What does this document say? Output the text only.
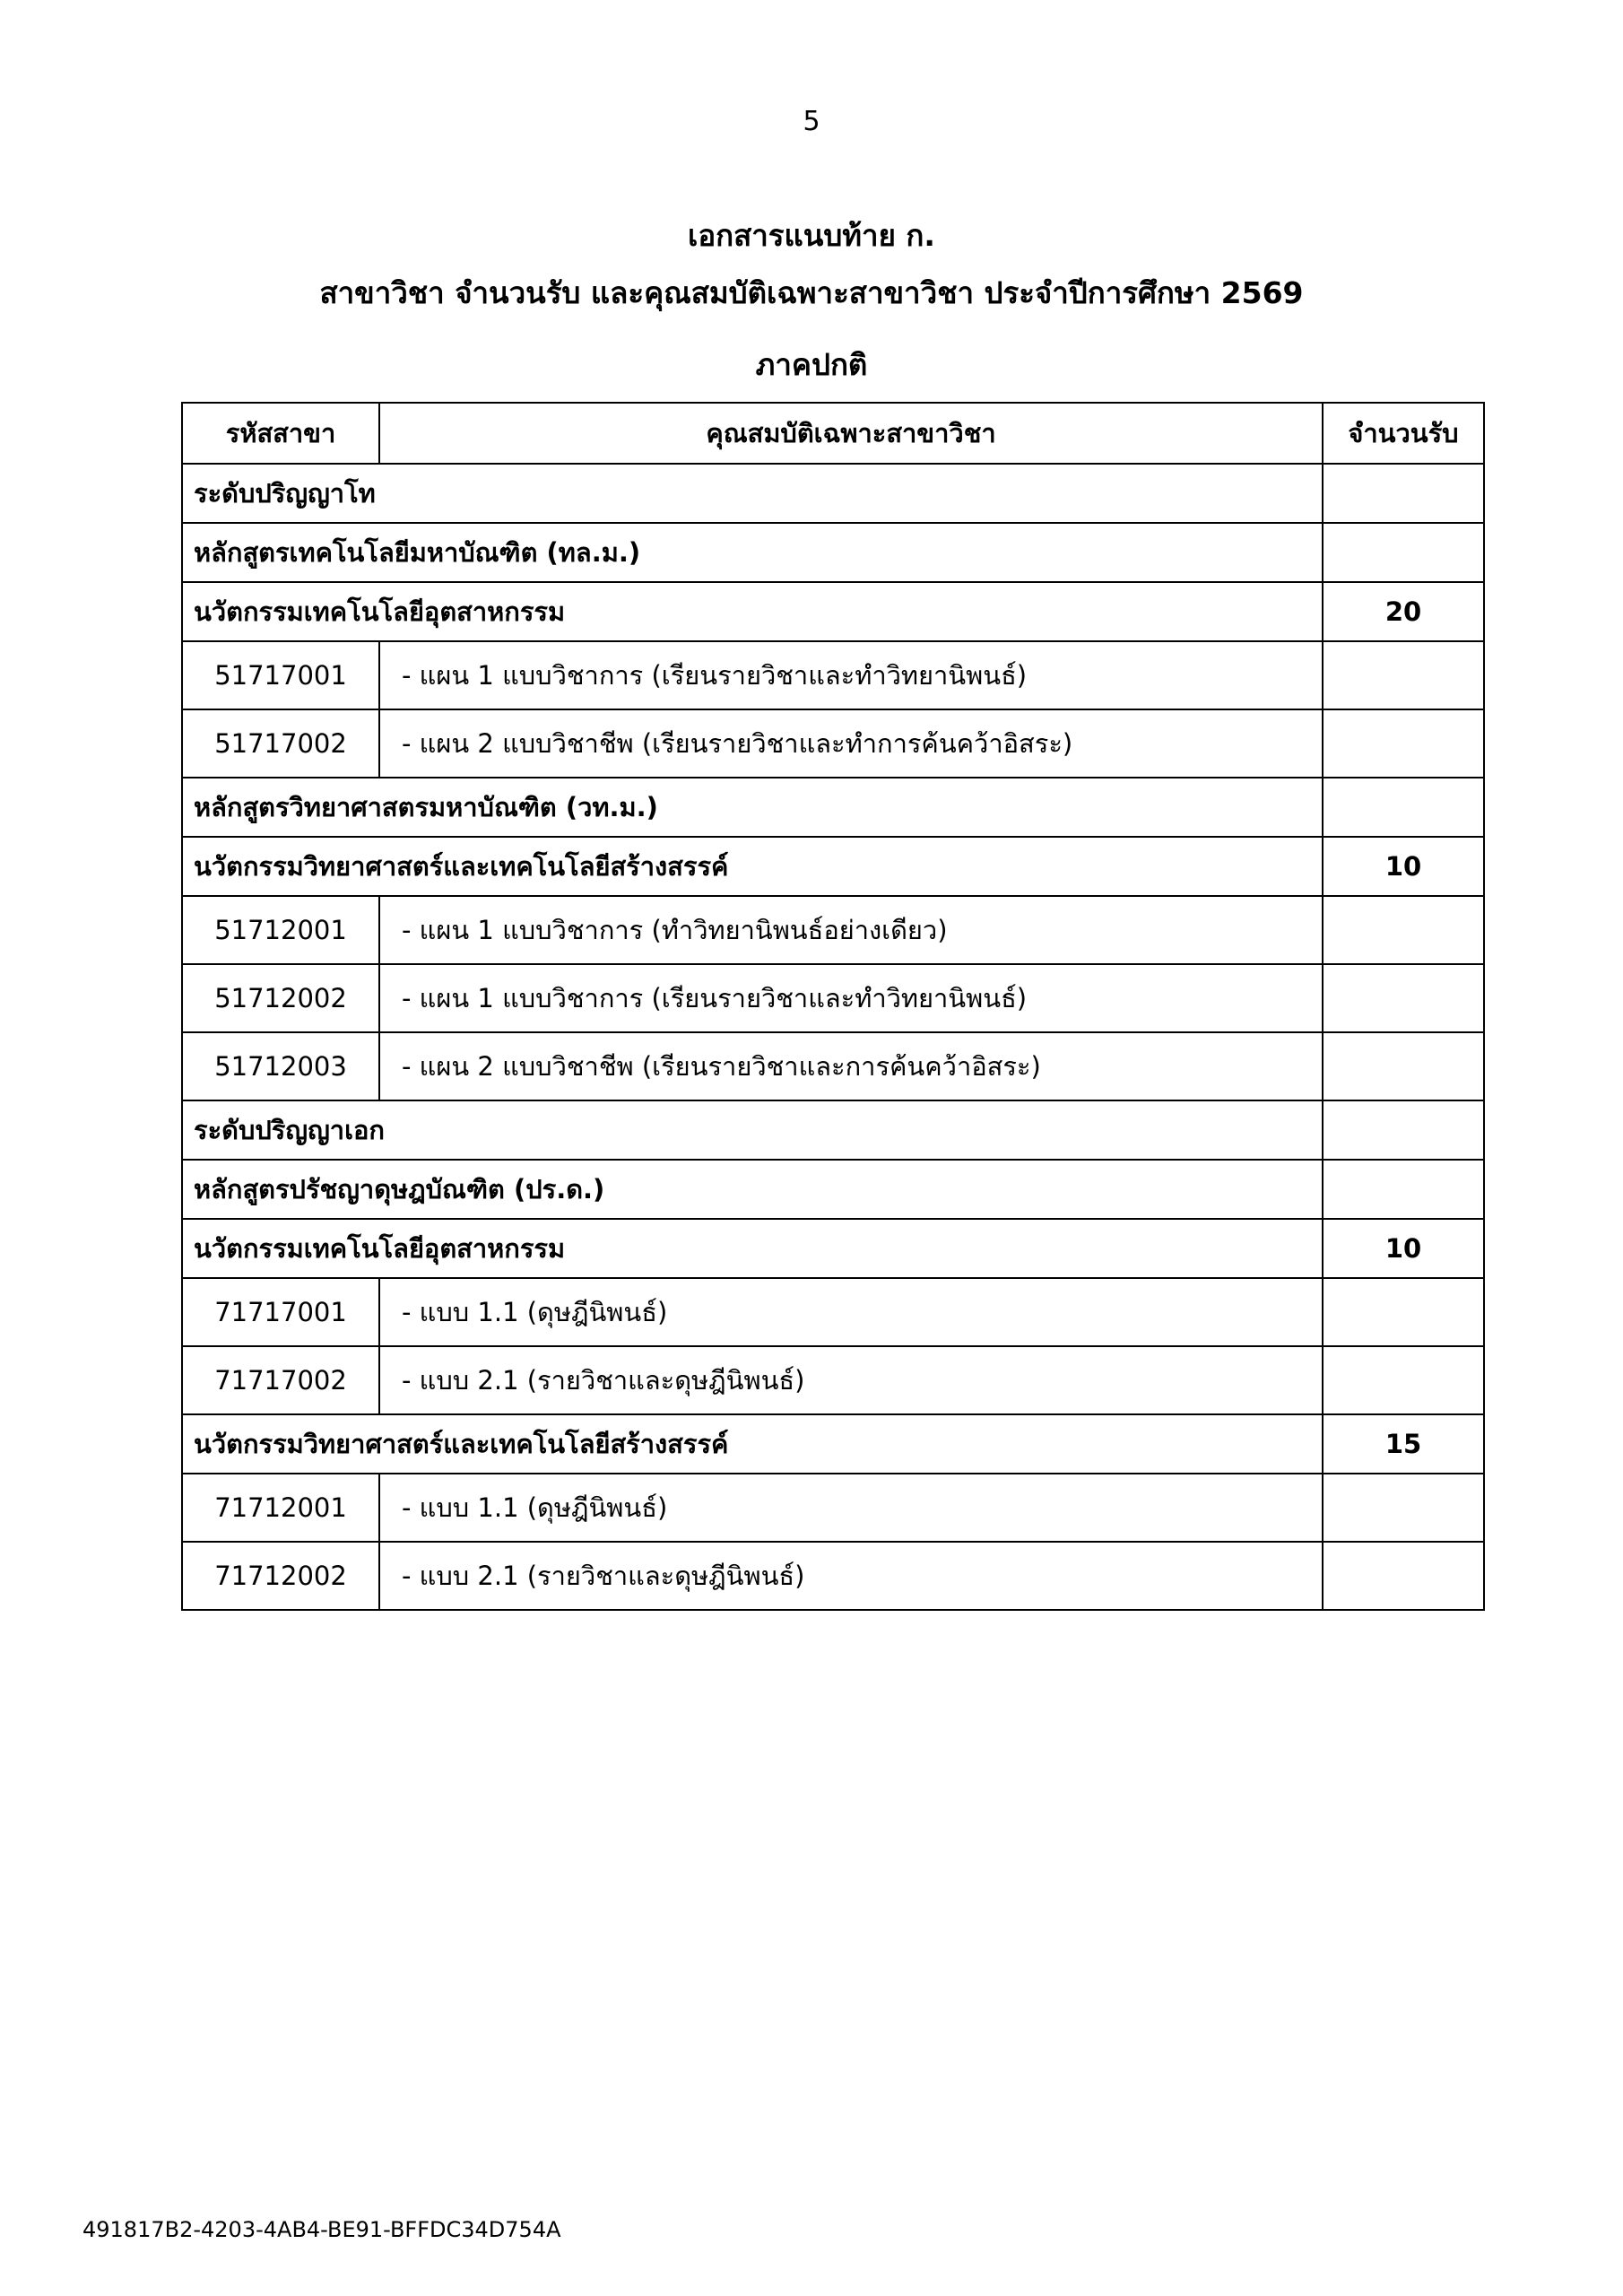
5
เอกสารแนบท้าย ก.
สาขาวิชา จำนวนรับ และคุณสมบัติเฉพาะสาขาวิชา ประจำปีการศึกษา 2569
ภาคปกติ
รหัสสาขา	คุณสมบัติเฉพาะสาขาวิชา	จำนวนรับ
ระดับปริญญาโท		
หลักสูตรเทคโนโลยีมหาบัณฑิต (ทล.ม.)		
นวัตกรรมเทคโนโลยีอุตสาหกรรม		20
51717001	- แผน 1 แบบวิชาการ (เรียนรายวิชาและทำวิทยานิพนธ์)	
51717002	- แผน 2 แบบวิชาชีพ (เรียนรายวิชาและทำการค้นคว้าอิสระ)	
หลักสูตรวิทยาศาสตรมหาบัณฑิต (วท.ม.)		
นวัตกรรมวิทยาศาสตร์และเทคโนโลยีสร้างสรรค์		10
51712001	- แผน 1 แบบวิชาการ (ทำวิทยานิพนธ์อย่างเดียว)	
51712002	- แผน 1 แบบวิชาการ (เรียนรายวิชาและทำวิทยานิพนธ์)	
51712003	- แผน 2 แบบวิชาชีพ (เรียนรายวิชาและการค้นคว้าอิสระ)	
ระดับปริญญาเอก		
หลักสูตรปรัชญาดุษฎบัณฑิต (ปร.ด.)		
นวัตกรรมเทคโนโลยีอุตสาหกรรม		10
71717001	- แบบ 1.1 (ดุษฎีนิพนธ์)	
71717002	- แบบ 2.1 (รายวิชาและดุษฎีนิพนธ์)	
นวัตกรรมวิทยาศาสตร์และเทคโนโลยีสร้างสรรค์		15
71712001	- แบบ 1.1 (ดุษฎีนิพนธ์)	
71712002	- แบบ 2.1 (รายวิชาและดุษฎีนิพนธ์)	
491817B2-4203-4AB4-BE91-BFFDC34D754A
